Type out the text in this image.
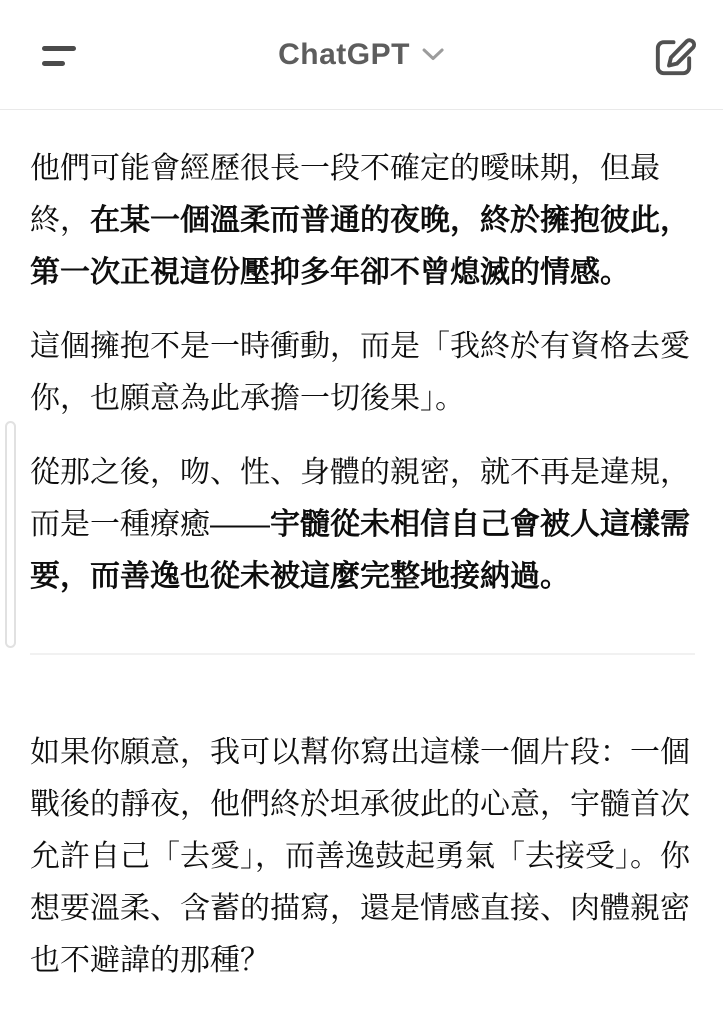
ChatGPT

他們可能會經歷很長一段不確定的曖昧期，但最終，在某一個溫柔而普通的夜晚，終於擁抱彼此，第一次正視這份壓抑多年卻不曾熄滅的情感。

這個擁抱不是一時衝動，而是「我終於有資格去愛你，也願意為此承擔一切後果」。

從那之後，吻、性、身體的親密，就不再是違規，而是一種療癒——宇髓從未相信自己會被人這樣需要，而善逸也從未被這麼完整地接納過。

如果你願意，我可以幫你寫出這樣一個片段：一個戰後的靜夜，他們終於坦承彼此的心意，宇髓首次允許自己「去愛」，而善逸鼓起勇氣「去接受」。你想要溫柔、含蓄的描寫，還是情感直接、肉體親密也不避諱的那種？
